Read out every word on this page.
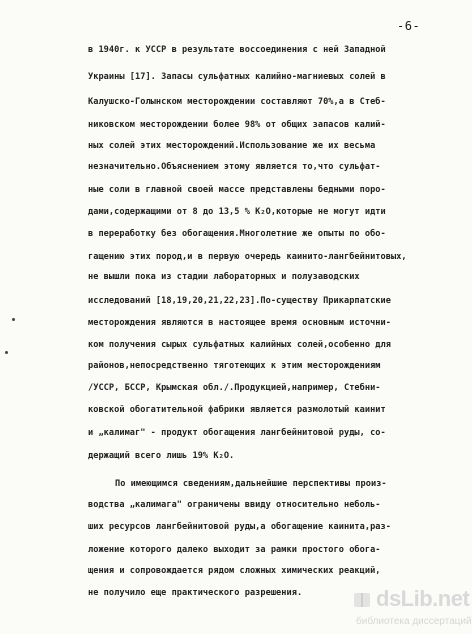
-6-
в 1940г. к УССР в результате воссоединения с ней Западной
Украины [17]. Запасы сульфатных калийно-магниевых солей в
Калушско-Голынском месторождении составляют 70%,а в Стеб-
никовском месторождении более 98% от общих запасов калий-
ных солей этих месторождений.Использование же их весьма
незначительно.Объяснением этому является то,что сульфат-
ные соли в главной своей массе представлены бедными поро-
дами,содержащими от 8 до 13,5 % K₂O,которые не могут идти
в переработку без обогащения.Многолетние же опыты по обо-
гащению этих пород,и в первую очередь каинито-лангбейнитовых,
не вышли пока из стадии лабораторных и полузаводских
исследований [18,19,20,21,22,23].По-существу Прикарпатские
месторождения являются в настоящее время основным источни-
ком получения сырых сульфатных калийных солей,особенно для
районов,непосредственно тяготеющих к этим месторождениям
/УССР, БССР, Крымская обл./.Продукцией,например, Стебни-
ковской обогатительной фабрики является размолотый каинит
и „калимаг" - продукт обогащения лангбейнитовой руды, со-
держащий всего лишь 19% K₂O.
По имеющимся сведениям,дальнейшие перспективы произ-
водства „калимага" ограничены ввиду относительно неболь-
ших ресурсов лангбейнитовой руды,а обогащение каинита,раз-
ложение которого далеко выходит за рамки простого обога-
щения и сопровождается рядом сложных химических реакций,
не получило еще практического разрешения.	dsLib.net
библиотека диссертаций
